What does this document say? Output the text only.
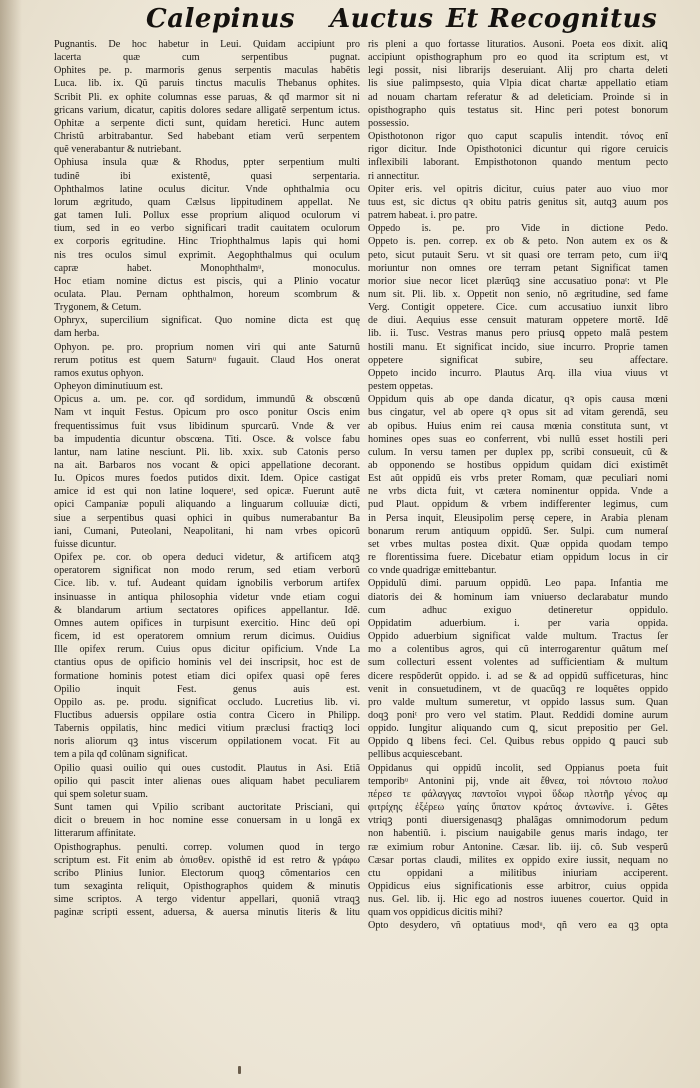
Calepinus Auctus Et Recognitus

Pugnantis. De hoc habetur in Leui. Quidam accipiunt pro

lacerta quæ cum serpentibus pugnat.

Ophites pe. p. marmoris genus serpentis maculas habẽtis

Luca. lib. ix. Qũ paruis tinctus maculis Thebanus ophites.

Scribit Pli. ex ophite columnas esse paruas, & qđ marmor sit ni

gricans varium, dicatur, capitis dolores sedare alligatẽ serpentum ictus.

Ophitæ a serpente dicti sunt, quidam heretici. Hunc autem

Christũ arbitrabantur. Sed habebant etiam verũ serpentem

quẽ venerabantur & nutriebant.

Ophiusa insula quæ & Rhodus, ppter serpentium multi

tudinẽ ibi existentẽ, quasi serpentaria.

Ophthalmos latine oculus dicitur. Vnde ophthalmia ocu

lorum ægritudo, quam Cælsus lippitudinem appellat. Ne

gat tamen Iuli. Pollux esse proprium aliquod oculorum vi

tium, sed in eo verbo significari tradit cauitatem oculorum

ex corporis egritudine. Hinc Triophthalmus lapis qui homi

nis tres oculos simul exprimit. Aegophthalmus qui oculum

capræ habet. Monophthalmᵘ, monoculus.

Hoc etiam nomine dictus est piscis, qui a Plinio vocatur

oculata. Plau. Pernam ophthalmon, horeum scombrum &

Trygonem, & Cetum.

Ophryx, supercilium significat. Quo nomine dicta est quę

dam herba.

Ophyon. pe. pro. proprium nomen viri qui ante Saturnũ

rerum potitus est quem Saturnᵘ fugauit. Claud Hos onerat

ramos exutus ophyon.

Opheyon diminutiuum est.

Opicus a. um. pe. cor. qđ sordidum, immundũ & obscœnũ

Nam vt inquit Festus. Opicum pro osco ponitur Oscis enim

frequentissimus fuit vsus libidinum spurcarũ. Vnde & ver

ba impudentia dicuntur obscœna. Titi. Osce. & volsce fabu

lantur, nam latine nesciunt. Pli. lib. xxix. sub Catonis perso

na ait. Barbaros nos vocant & opici appellatione decorant.

Iu. Opicos mures foedos putidos dixit. Idem. Opice castigat

amice id est qui non latine loquereᵗ, sed opicæ. Fuerunt autẽ

opici Campaniæ populi aliquando a linguarum colluuiæ dicti,

siue a serpentibus quasi ophici in quibus numerabantur Ba

iani, Cumani, Puteolani, Neapolitani, hi nam vrbes opicorũ

fuisse dicuntur.

Opifex pe. cor. ob opera deduci videtur, & artificem atqꝫ

operatorem significat non modo rerum, sed etiam verborũ

Cice. lib. v. tuf. Audeant quidam ignobilis verborum artifex

insinuasse in antiqua philosophia videtur vnde etiam cogui

& blandarum artium sectatores opifices appellantur. Idẽ.

Omnes autem opifices in turpisunt exercitio. Hinc deũ opi

ficem, id est operatorem omnium rerum dicimus. Ouidius

Ille opifex rerum. Cuius opus dicitur opificium. Vnde La

ctantius opus de opificio hominis vel dei inscripsit, hoc est de

formatione hominis potest etiam dici opifex quasi opẽ feres

Opilio inquit Fest. genus auis est.

Oppilo as. pe. produ. significat occludo. Lucretius lib. vi.

Fluctibus aduersis oppilare ostia contra Cicero in Philipp.

Tabernis oppilatis, hinc medici vitium præclusi fractiqꝫ loci

noris aliorum qꝫ intus viscerum oppilationem vocat. Fit au

tem a pila qđ colũnam significat.

Opilio quasi ouilio qui oues custodit. Plautus in Asi. Etiã

opilio qui pascit inter alienas oues aliquam habet peculiarem

qui spem soletur suam.

Sunt tamen qui Vpilio scribant auctoritate Prisciani, qui

dicit o breuem in hoc nomine esse conuersam in u longã ex

litterarum affinitate.

Opisthographus. penulti. correp. volumen quod in tergo

scriptum est. Fit enim ab ὀπισθεν. opisthẽ id est retro & γράφω

scribo Plinius Iunior. Electorum quoqꝫ cõmentarios cen

tum sexaginta reliquit, Opisthographos quidem & minutis

sime scriptos. A tergo videntur appellari, quoniã vtraqꝫ

paginæ scripti essent, aduersa, & auersa minutis literis & litu

ris pleni a quo fortasse lituratios. Ausoni. Poeta eos dixit. aliꝗ

accipiunt opisthographum pro eo quod ita scriptum est, vt

legi possit, nisi librarijs deseruiant. Alij pro charta deleti

lis siue palimpsesto, quia Vlpia dicat chartæ appellatio etiam

ad nouam chartam referatur & ad deleticiam. Proinde si in

opisthographo quis testatus sit. Hinc peri potest bonorum

possessio.

Opisthotonon rigor quo caput scapulis intendit. τόνος enĩ

rigor dicitur. Inde Opisthotonici dicuntur qui rigore ceruicis

inflexibili laborant. Empisthotonon quando mentum pecto

ri annectitur.

Opiter eris. vel opitris dicitur, cuius pater auo viuo mor

tuus est, sic dictus qꝛ obitu patris genitus sit, autqꝫ auum pos

patrem habeat. i. pro patre.

Oppedo is. pe. pro Vide in dictione Pedo.

Oppeto is. pen. correp. ex ob & peto. Non autem ex os &

peto, sicut putauit Seru. vt sit quasi ore terram peto, cum iiᵗꝗ

moriuntur non omnes ore terram petant Significat tamen

morior siue necor licet plærũqꝫ sine accusatiuo ponaᵗ: vt Ple

num sit. Pli. lib. x. Oppetit non senio, nõ ægritudine, sed fame

Verg. Contigit oppetere. Cice. cum accusatiuo iunxit libro

de diui. Aequius esse censuit maturam oppetere mortẽ. Idẽ

lib. ii. Tusc. Vestras manus pero priusꝗ oppeto malã pestem

hostili manu. Et significat incido, siue incurro. Proprie tamen

oppetere significat subire, seu affectare.

Oppeto incido incurro. Plautus Arq. illa viua viuus vt

pestem oppetas.

Oppidum quis ab ope danda dicatur, qꝛ opis causa mœni

bus cingatur, vel ab opere qꝛ opus sit ad vitam gerendã, seu

ab opibus. Huius enim rei causa mœnia constituta sunt, vt

homines opes suas eo conferrent, vbi nullũ esset hostili peri

culum. In versu tamen per duplex pp, scribi consueuit, cũ &

ab opponendo se hostibus oppidum quidam dici existimẽt

Est aũt oppidũ eis vrbs preter Romam, quæ peculiari nomi

ne vrbs dicta fuit, vt cætera nominentur oppida. Vnde a

pud Plaut. oppidum & vrbem indifferenter legimus, cum

in Persa inquit, Eleusipolim persę cepere, in Arabia plenam

bonarum rerum antiquum oppidũ. Ser. Sulpi. cum numeraſ

set vrbes multas postea dixit. Quæ oppida quodam tempo

re florentissima fuere. Dicebatur etiam oppidum locus in cir

co vnde quadrigæ emittebantur.

Oppidulũ dimi. paruum oppidũ. Leo papa. Infantia me

diatoris dei & hominum iam vniuerso declarabatur mundo

cum adhuc exiguo detineretur oppidulo.

Oppidatim aduerbium. i. per varia oppida.

Oppido aduerbium significat valde multum. Tractus ſer

mo a colentibus agros, qui cũ interrogarentur quãtum meſ

sum collecturi essent volentes ad sufficientiam & multum

dicere respõderũt oppido. i. ad se & ad oppidũ sufficeturas, hinc

venit in consuetudinem, vt de quacũqꝫ re loquẽtes oppido

pro valde multum sumeretur, vt oppido lassus sum. Quan

doqꝫ poniᵗ pro vero vel statim. Plaut. Reddidi domine aurum

oppido. Iungitur aliquando cum ꝗ, sicut prepositio per Gel.

Oppido ꝗ libens feci. Cel. Quibus rebus oppido ꝗ pauci sub

pellibus acquiescebant.

Oppidanus qui oppidũ incolit, sed Oppianus poeta fuit

temporibᵘ Antonini pij, vnde ait ἔθνεα, τοὶ πόντοιο πολυσ

πέρεσ τε φάλαγγας παντοῖοι νιγροὶ ὕδωρ πλοτῆρ γένος αμ

φιτρίχης ἐξέρεω γαίης ὕπατον κράτος ἀντωνίνε. i. Gẽtes

vtriqꝫ ponti diuersigenasqꝫ phalãgas omnimodorum pedum

non habentiũ. i. piscium nauigabile genus maris indago, ter

ræ eximium robur Antonine. Cæsar. lib. iij. cõ. Sub vesperũ

Cæsar portas claudi, milites ex oppido exire iussit, nequam no

ctu oppidani a militibus iniuriam acciperent.

Oppidicus eius significationis esse arbitror, cuius oppida

nus. Gel. lib. ij. Hic ego ad nostros iuuenes couertor. Quid in

quam vos oppidicus dicitis mihi?

Opto desydero, vñ optatiuus modᵘ, qñ vero ea qꝫ opta
